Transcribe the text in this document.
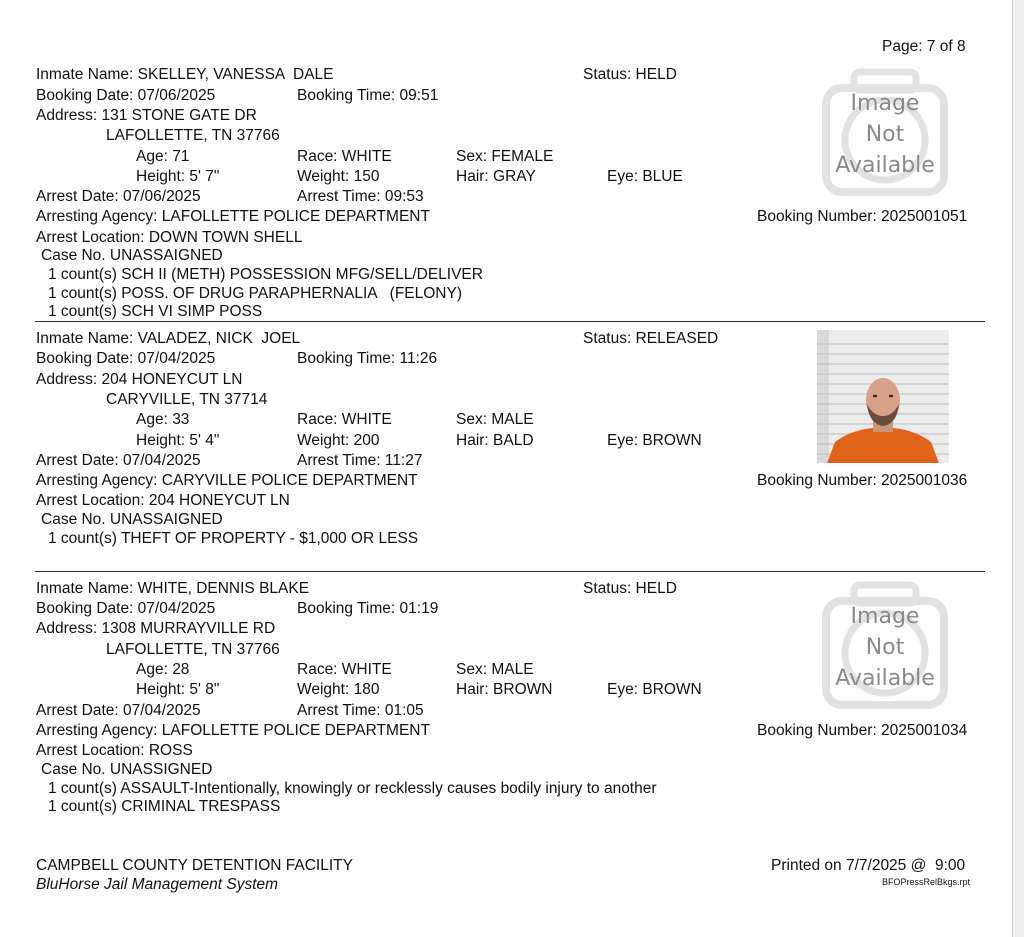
Page: 7 of 8
Inmate Name: SKELLEY, VANESSA  DALE	Status: HELD
Booking Date: 07/06/2025	Booking Time: 09:51
Address: 131 STONE GATE DR
LAFOLLETTE, TN 37766
Age: 71	Race: WHITE	Sex: FEMALE
Height: 5' 7"	Weight: 150	Hair: GRAY	Eye: BLUE
Arrest Date: 07/06/2025	Arrest Time: 09:53
Arresting Agency: LAFOLLETTE POLICE DEPARTMENT	Booking Number: 2025001051
Arrest Location: DOWN TOWN SHELL
Case No. UNASSAIGNED
1 count(s) SCH II (METH) POSSESSION MFG/SELL/DELIVER
1 count(s) POSS. OF DRUG PARAPHERNALIA   (FELONY)
1 count(s) SCH VI SIMP POSS
Image
Not
Available
Inmate Name: VALADEZ, NICK  JOEL	Status: RELEASED
Booking Date: 07/04/2025	Booking Time: 11:26
Address: 204 HONEYCUT LN
CARYVILLE, TN 37714
Age: 33	Race: WHITE	Sex: MALE
Height: 5' 4"	Weight: 200	Hair: BALD	Eye: BROWN
Arrest Date: 07/04/2025	Arrest Time: 11:27
Arresting Agency: CARYVILLE POLICE DEPARTMENT	Booking Number: 2025001036
Arrest Location: 204 HONEYCUT LN
Case No. UNASSAIGNED
1 count(s) THEFT OF PROPERTY - $1,000 OR LESS
Inmate Name: WHITE, DENNIS BLAKE	Status: HELD
Booking Date: 07/04/2025	Booking Time: 01:19
Address: 1308 MURRAYVILLE RD
LAFOLLETTE, TN 37766
Age: 28	Race: WHITE	Sex: MALE
Height: 5' 8"	Weight: 180	Hair: BROWN	Eye: BROWN
Arrest Date: 07/04/2025	Arrest Time: 01:05
Arresting Agency: LAFOLLETTE POLICE DEPARTMENT	Booking Number: 2025001034
Arrest Location: ROSS
Case No. UNASSIGNED
1 count(s) ASSAULT-Intentionally, knowingly or recklessly causes bodily injury to another
1 count(s) CRIMINAL TRESPASS
Image
Not
Available
CAMPBELL COUNTY DETENTION FACILITY
BluHorse Jail Management System
Printed on 7/7/2025 @  9:00
BFOPressRelBkgs.rpt
